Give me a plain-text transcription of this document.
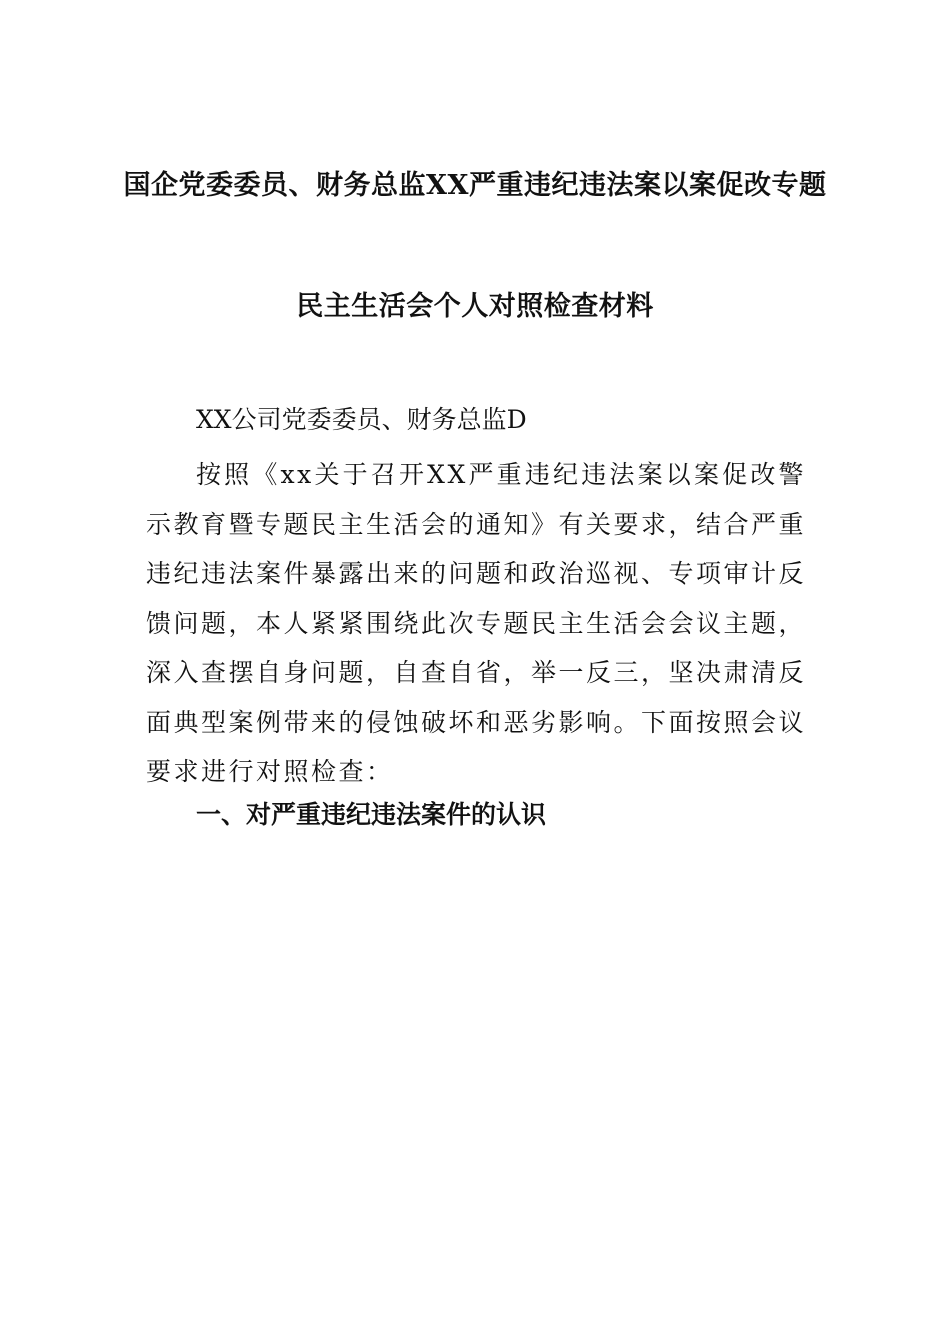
国企党委委员、财务总监XX严重违纪违法案以案促改专题
民主生活会个人对照检查材料
XX公司党委委员、财务总监D
按照《xx关于召开XX严重违纪违法案以案促改警示教育暨专题民主生活会的通知》有关要求，结合严重违纪违法案件暴露出来的问题和政治巡视、专项审计反馈问题，本人紧紧围绕此次专题民主生活会会议主题，深入查摆自身问题，自查自省，举一反三，坚决肃清反面典型案例带来的侵蚀破坏和恶劣影响。下面按照会议要求进行对照检查：
一、对严重违纪违法案件的认识
